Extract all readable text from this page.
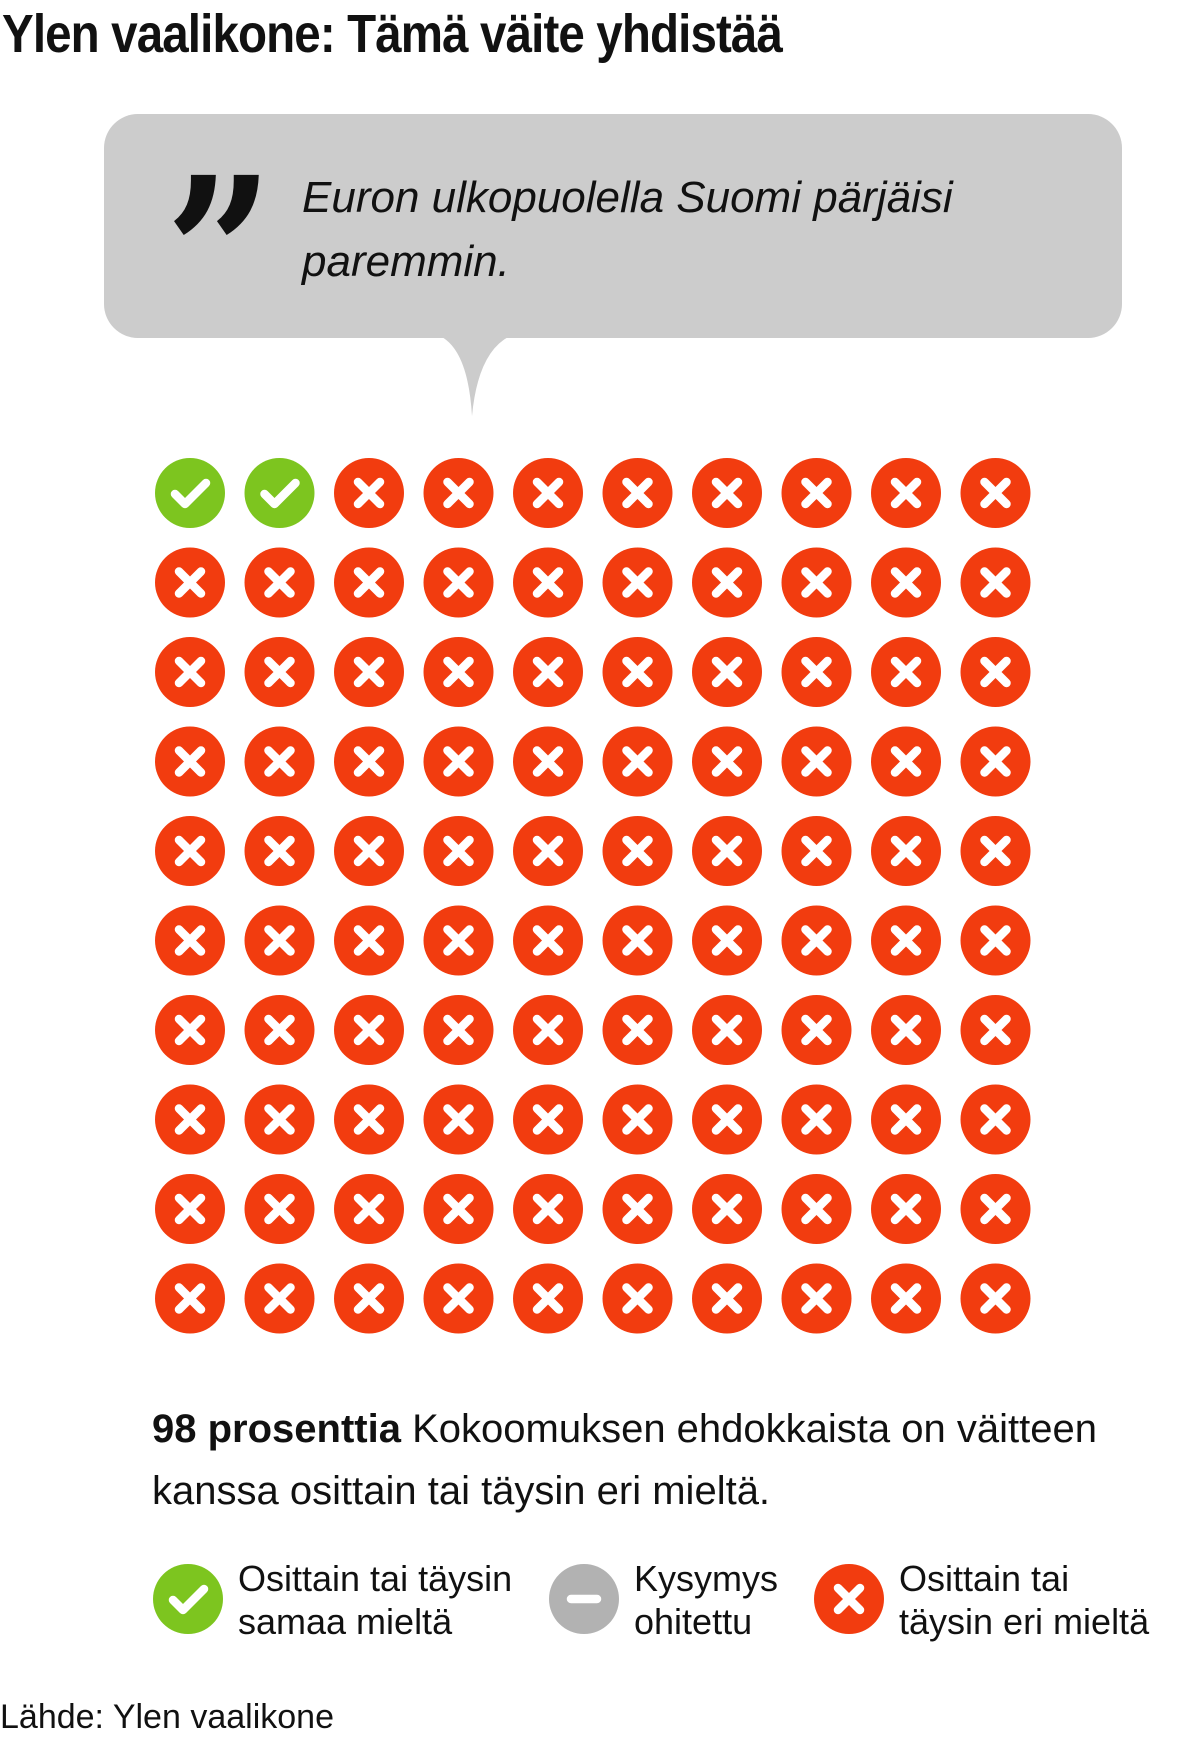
Ylen vaalikone: Tämä väite yhdistää
” Euron ulkopuolella Suomi pärjäisi paremmin.

98 prosenttia Kokoomuksen ehdokkaista on väitteen kanssa osittain tai täysin eri mieltä.

Osittain tai täysin
samaa mieltä

Kysymys
ohitettu

Osittain tai
täysin eri mieltä

Lähde: Ylen vaalikone
